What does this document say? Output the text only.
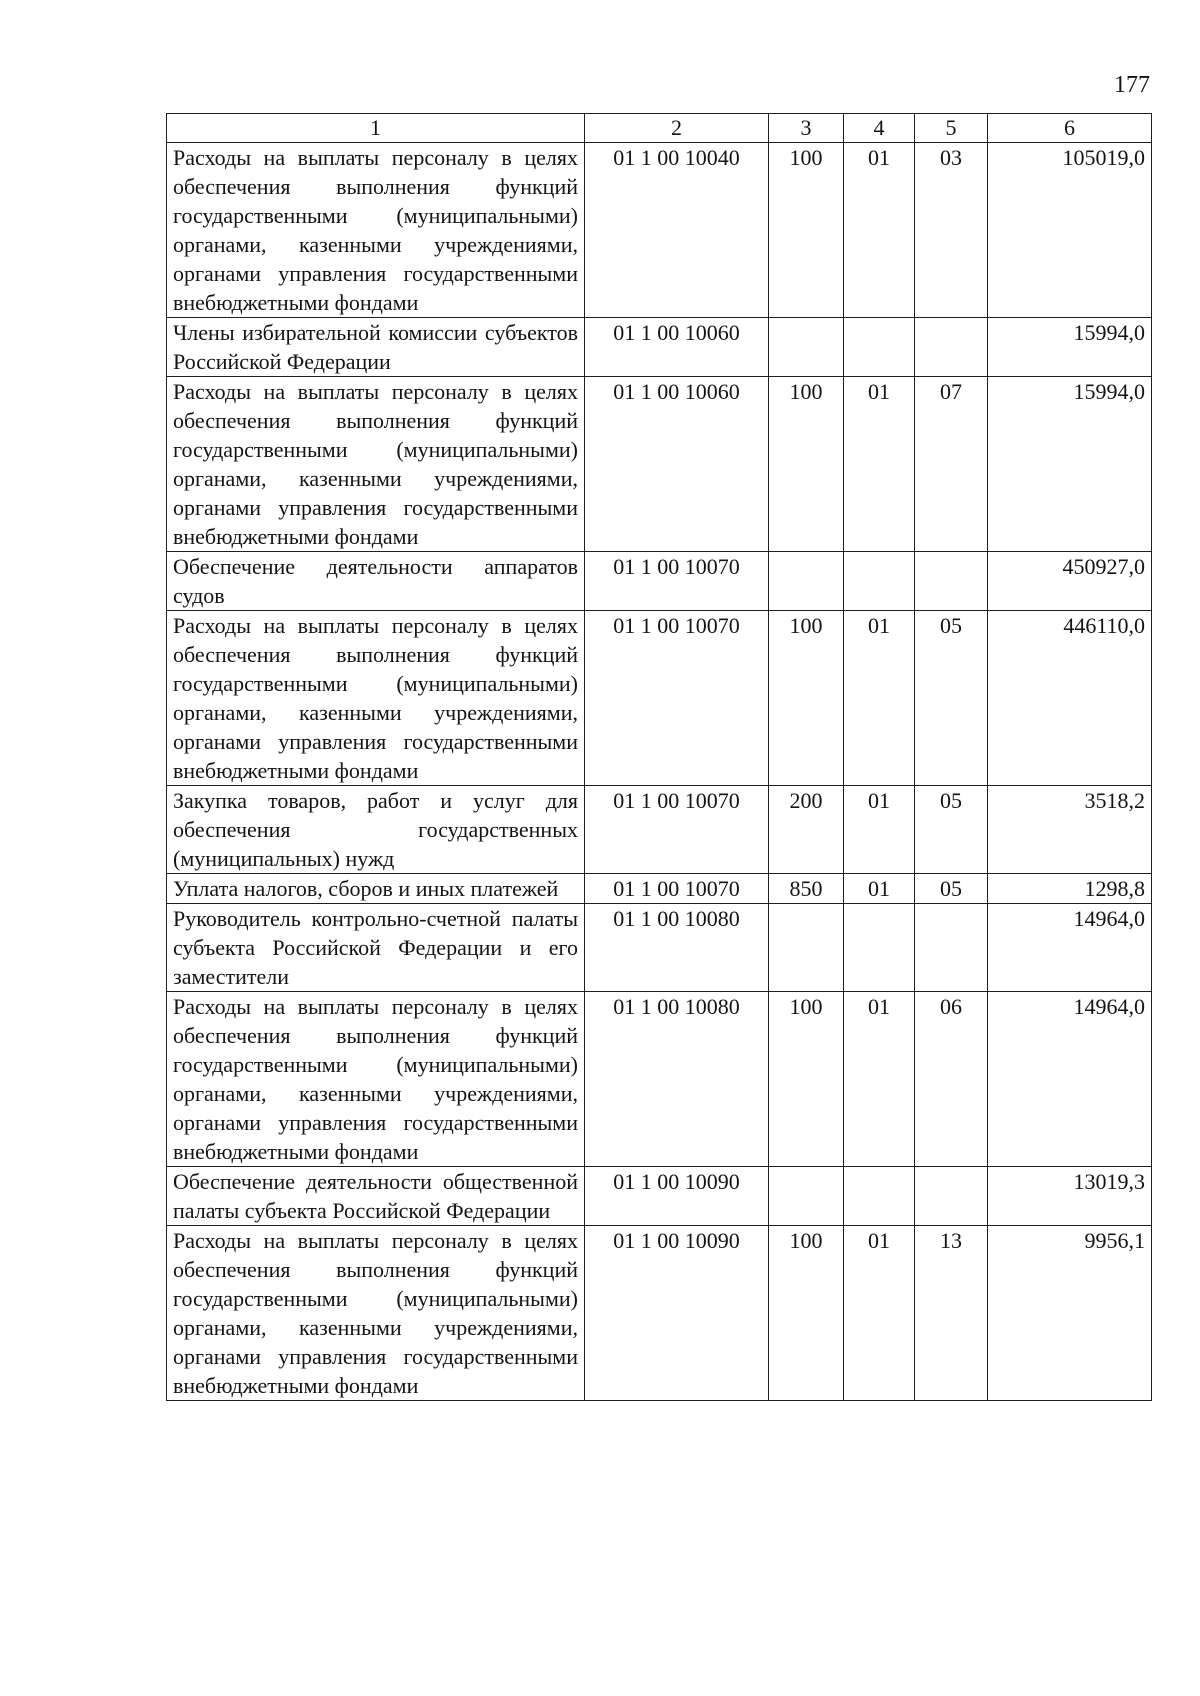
177
1	2	3	4	5	6
Расходы на выплаты персоналу в целях обеспечения выполнения функций государственными (муниципальными) органами, казенными учреждениями, органами управления государственными внебюджетными фондами	01 1 00 10040	100	01	03	105019,0
Члены избирательной комиссии субъектов Российской Федерации	01 1 00 10060				15994,0
Расходы на выплаты персоналу в целях обеспечения выполнения функций государственными (муниципальными) органами, казенными учреждениями, органами управления государственными внебюджетными фондами	01 1 00 10060	100	01	07	15994,0
Обеспечение деятельности аппаратов судов	01 1 00 10070				450927,0
Расходы на выплаты персоналу в целях обеспечения выполнения функций государственными (муниципальными) органами, казенными учреждениями, органами управления государственными внебюджетными фондами	01 1 00 10070	100	01	05	446110,0
Закупка товаров, работ и услуг для обеспечения государственных (муниципальных) нужд	01 1 00 10070	200	01	05	3518,2
Уплата налогов, сборов и иных платежей	01 1 00 10070	850	01	05	1298,8
Руководитель контрольно-счетной палаты субъекта Российской Федерации и его заместители	01 1 00 10080				14964,0
Расходы на выплаты персоналу в целях обеспечения выполнения функций государственными (муниципальными) органами, казенными учреждениями, органами управления государственными внебюджетными фондами	01 1 00 10080	100	01	06	14964,0
Обеспечение деятельности общественной палаты субъекта Российской Федерации	01 1 00 10090				13019,3
Расходы на выплаты персоналу в целях обеспечения выполнения функций государственными (муниципальными) органами, казенными учреждениями, органами управления государственными внебюджетными фондами	01 1 00 10090	100	01	13	9956,1
